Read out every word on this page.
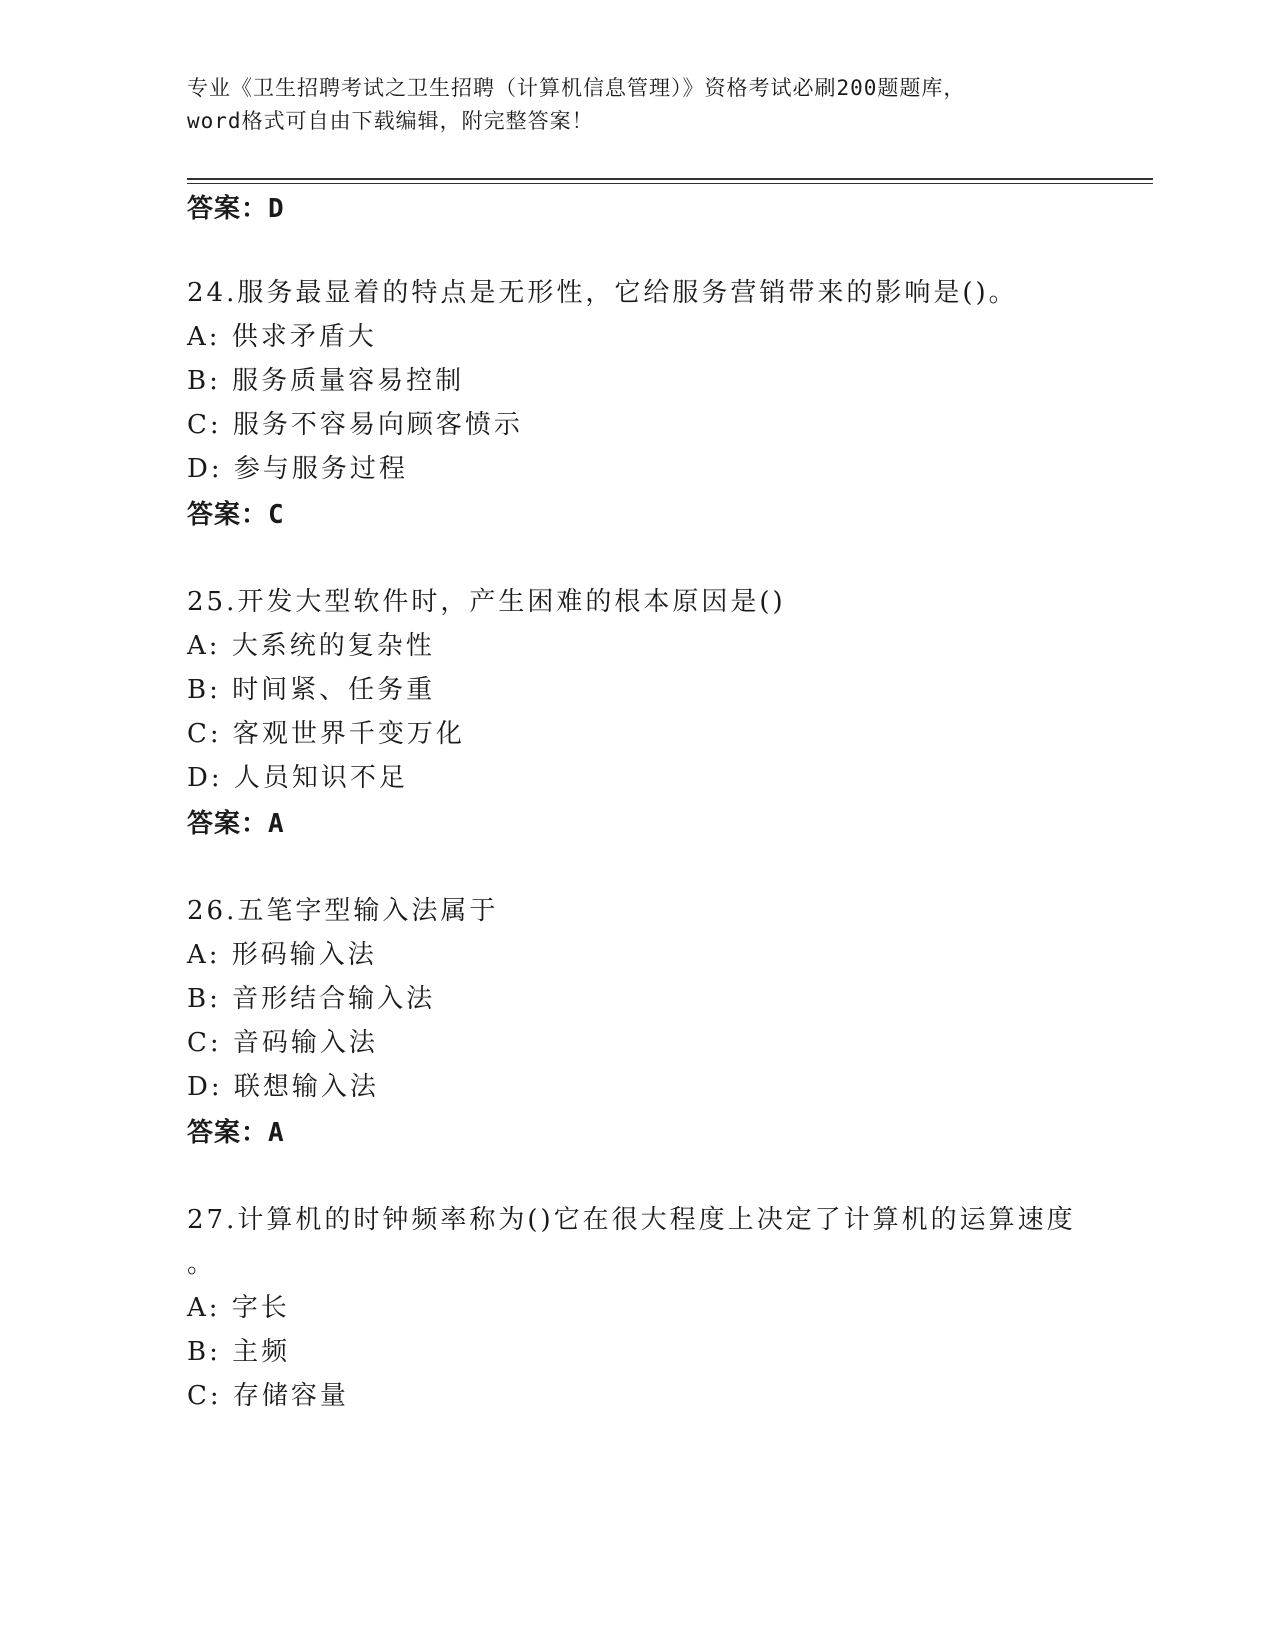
专业《卫生招聘考试之卫生招聘（计算机信息管理）》资格考试必刷200题题库，
word格式可自由下载编辑，附完整答案！
答案：D
24.服务最显着的特点是无形性，它给服务营销带来的影响是()。
A: 供求矛盾大
B: 服务质量容易控制
C: 服务不容易向顾客愤示
D: 参与服务过程
答案：C
25.开发大型软件时，产生困难的根本原因是()
A: 大系统的复杂性
B: 时间紧、任务重
C: 客观世界千变万化
D: 人员知识不足
答案：A
26.五笔字型输入法属于
A: 形码输入法
B: 音形结合输入法
C: 音码输入法
D: 联想输入法
答案：A
27.计算机的时钟频率称为()它在很大程度上决定了计算机的运算速度
。
A: 字长
B: 主频
C: 存储容量
